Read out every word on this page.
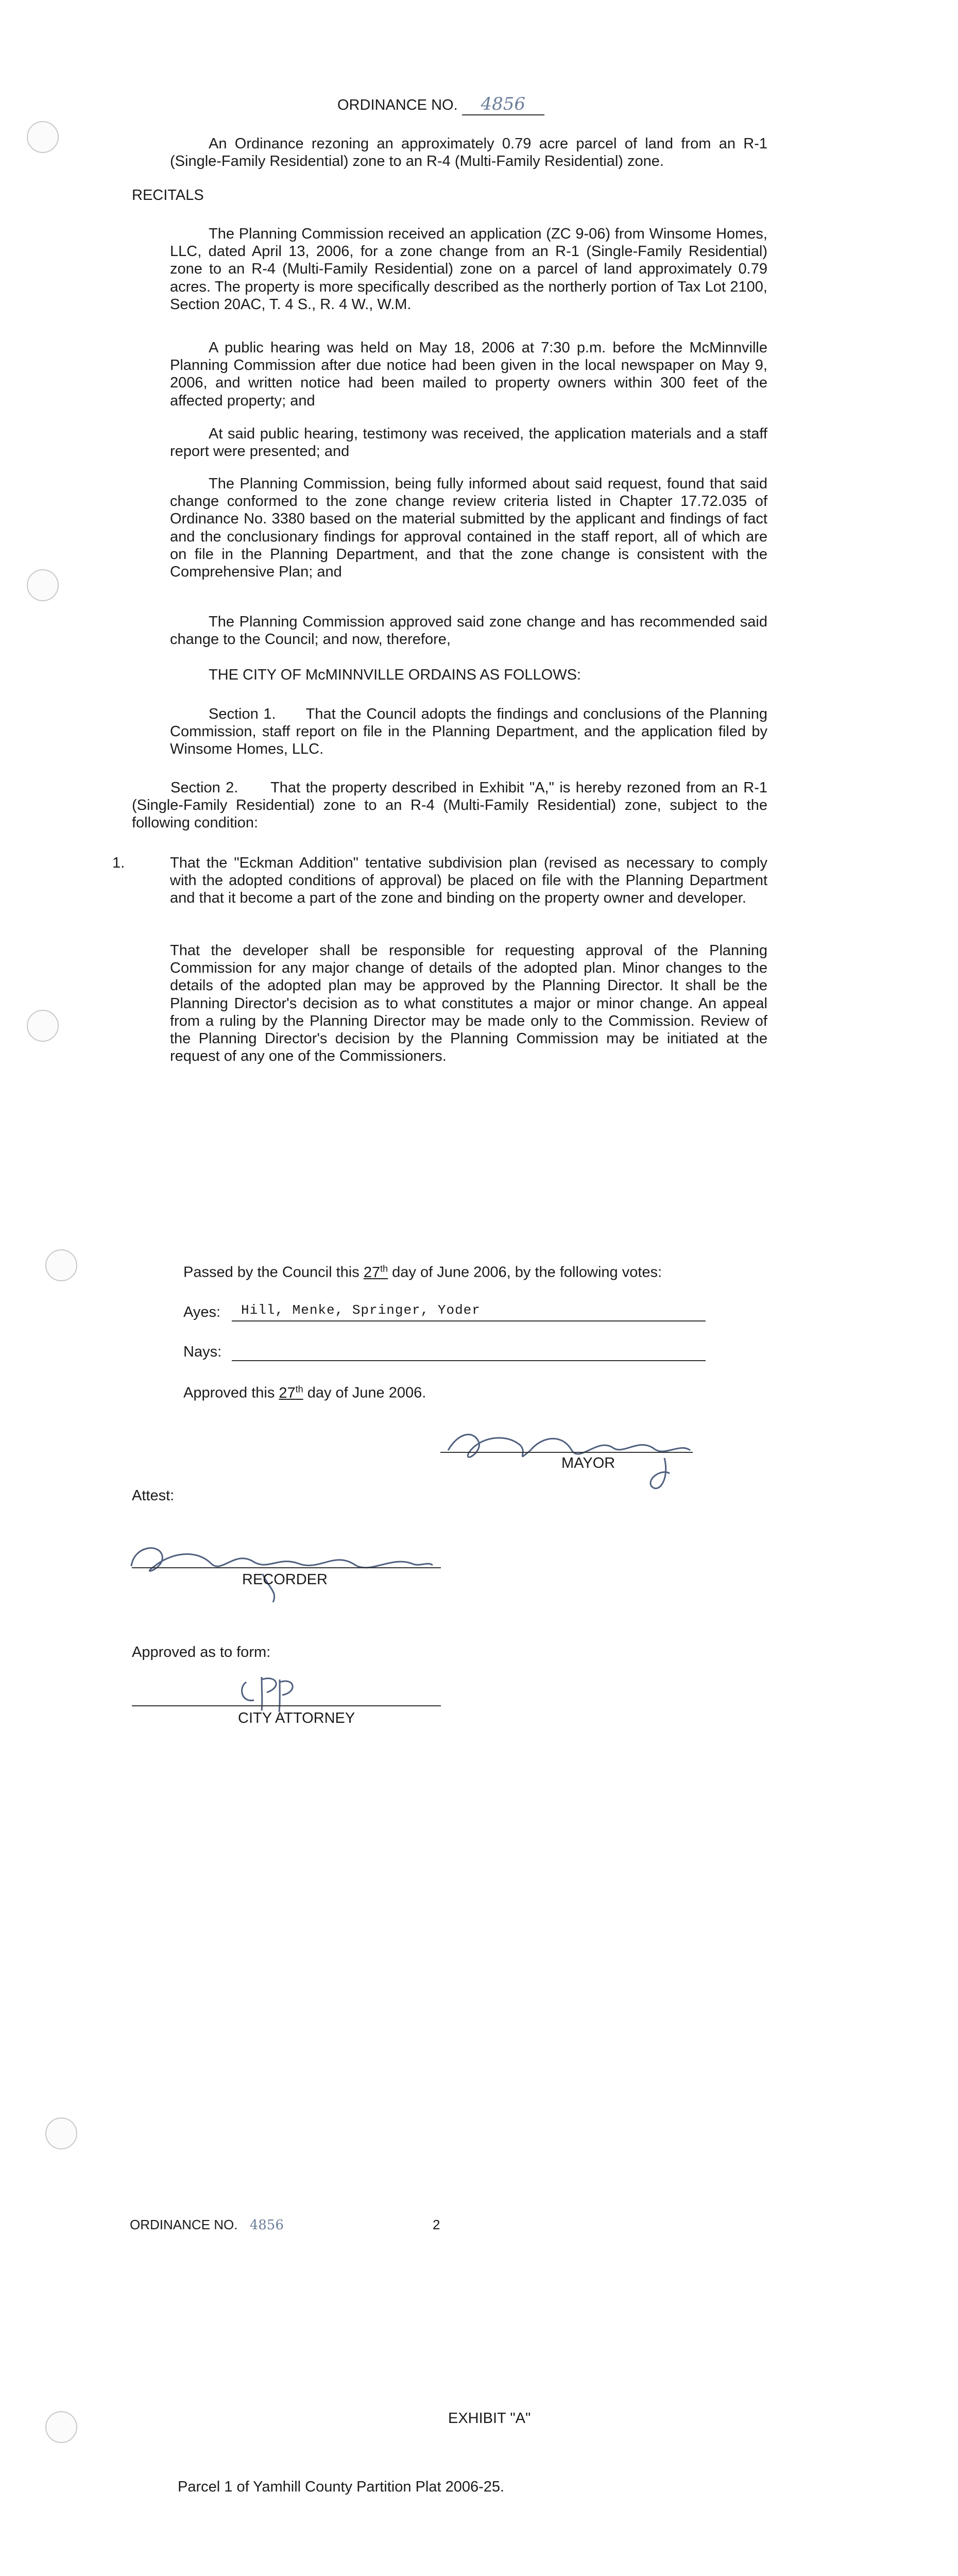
ORDINANCE NO. 4856

An Ordinance rezoning an approximately 0.79 acre parcel of land from an R-1 (Single-Family Residential) zone to an R-4 (Multi-Family Residential) zone.

RECITALS

The Planning Commission received an application (ZC 9-06) from Winsome Homes, LLC, dated April 13, 2006, for a zone change from an R-1 (Single-Family Residential) zone to an R-4 (Multi-Family Residential) zone on a parcel of land approximately 0.79 acres. The property is more specifically described as the northerly portion of Tax Lot 2100, Section 20AC, T. 4 S., R. 4 W., W.M.

A public hearing was held on May 18, 2006 at 7:30 p.m. before the McMinnville Planning Commission after due notice had been given in the local newspaper on May 9, 2006, and written notice had been mailed to property owners within 300 feet of the affected property; and

At said public hearing, testimony was received, the application materials and a staff report were presented; and

The Planning Commission, being fully informed about said request, found that said change conformed to the zone change review criteria listed in Chapter 17.72.035 of Ordinance No. 3380 based on the material submitted by the applicant and findings of fact and the conclusionary findings for approval contained in the staff report, all of which are on file in the Planning Department, and that the zone change is consistent with the Comprehensive Plan; and

The Planning Commission approved said zone change and has recommended said change to the Council; and now, therefore,

THE CITY OF McMINNVILLE ORDAINS AS FOLLOWS:

Section 1. That the Council adopts the findings and conclusions of the Planning Commission, staff report on file in the Planning Department, and the application filed by Winsome Homes, LLC.

Section 2. That the property described in Exhibit "A," is hereby rezoned from an R-1 (Single-Family Residential) zone to an R-4 (Multi-Family Residential) zone, subject to the following condition:

1.	That the "Eckman Addition" tentative subdivision plan (revised as necessary to comply with the adopted conditions of approval) be placed on file with the Planning Department and that it become a part of the zone and binding on the property owner and developer.

That the developer shall be responsible for requesting approval of the Planning Commission for any major change of details of the adopted plan. Minor changes to the details of the adopted plan may be approved by the Planning Director. It shall be the Planning Director's decision as to what constitutes a major or minor change. An appeal from a ruling by the Planning Director may be made only to the Commission. Review of the Planning Director's decision by the Planning Commission may be initiated at the request of any one of the Commissioners.

Passed by the Council this 27th day of June 2006, by the following votes:
Ayes: Hill, Menke, Springer, Yoder
Nays:
Approved this 27th day of June 2006.
Edward J. Gormley
MAYOR
Attest:
Carol J. Basset
RECORDER
Approved as to form:
CRP
CITY ATTORNEY
ORDINANCE NO. 4856	2
EXHIBIT "A"
Parcel 1 of Yamhill County Partition Plat 2006-25.
